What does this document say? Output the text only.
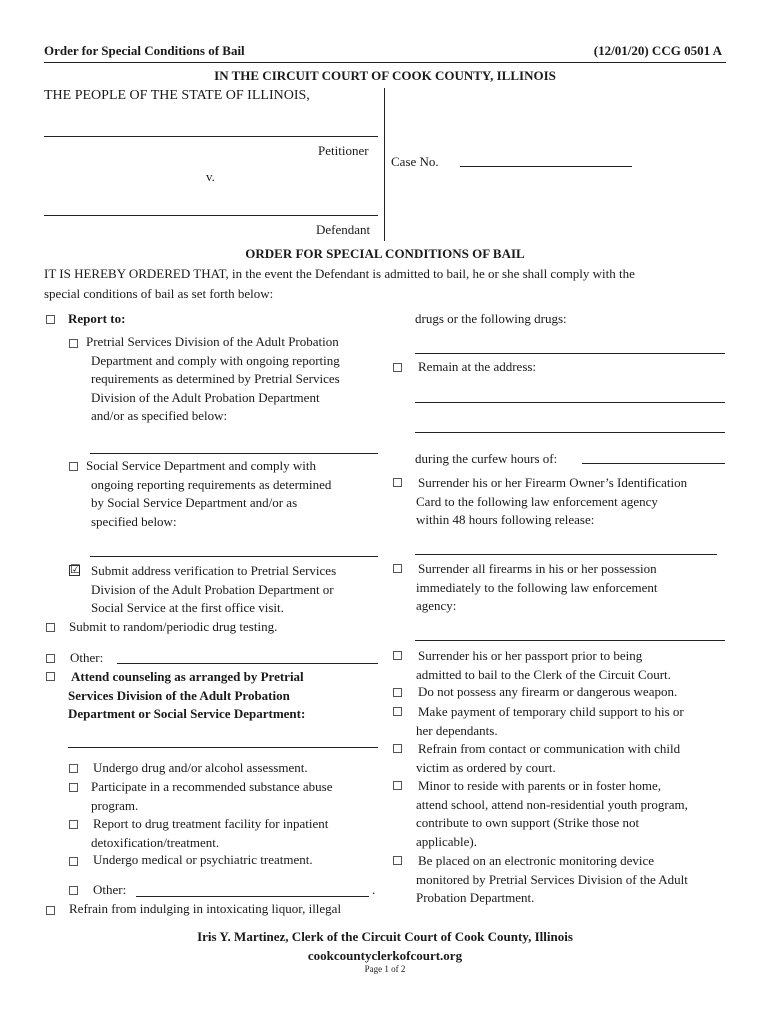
Order for Special Conditions of Bail	(12/01/20) CCG 0501 A
IN THE CIRCUIT COURT OF COOK COUNTY, ILLINOIS
THE PEOPLE OF THE STATE OF ILLINOIS,
Petitioner
v.
Defendant
Case No.
ORDER FOR SPECIAL CONDITIONS OF BAIL
IT IS HEREBY ORDERED THAT, in the event the Defendant is admitted to bail, he or she shall comply with the
special conditions of bail as set forth below:
Report to:
Pretrial Services Division of the Adult Probation
Department and comply with ongoing reporting
requirements as determined by Pretrial Services
Division of the Adult Probation Department
and/or as specified below:
Social Service Department and comply with
ongoing reporting requirements as determined
by Social Service Department and/or as
specified below:
☑ Submit address verification to Pretrial Services
Division of the Adult Probation Department or
Social Service at the first office visit.
Submit to random/periodic drug testing.
Other:
Attend counseling as arranged by Pretrial
Services Division of the Adult Probation
Department or Social Service Department:
Undergo drug and/or alcohol assessment.
Participate in a recommended substance abuse
program.
Report to drug treatment facility for inpatient
detoxification/treatment.
Undergo medical or psychiatric treatment.
Other:	.
Refrain from indulging in intoxicating liquor, illegal
drugs or the following drugs:
Remain at the address:
during the curfew hours of:
Surrender his or her Firearm Owner’s Identification
Card to the following law enforcement agency
within 48 hours following release:
Surrender all firearms in his or her possession
immediately to the following law enforcement
agency:
Surrender his or her passport prior to being
admitted to bail to the Clerk of the Circuit Court.
Do not possess any firearm or dangerous weapon.
Make payment of temporary child support to his or
her dependants.
Refrain from contact or communication with child
victim as ordered by court.
Minor to reside with parents or in foster home,
attend school, attend non-residential youth program,
contribute to own support (Strike those not
applicable).
Be placed on an electronic monitoring device
monitored by Pretrial Services Division of the Adult
Probation Department.
Iris Y. Martinez, Clerk of the Circuit Court of Cook County, Illinois
cookcountyclerkofcourt.org
Page 1 of 2
